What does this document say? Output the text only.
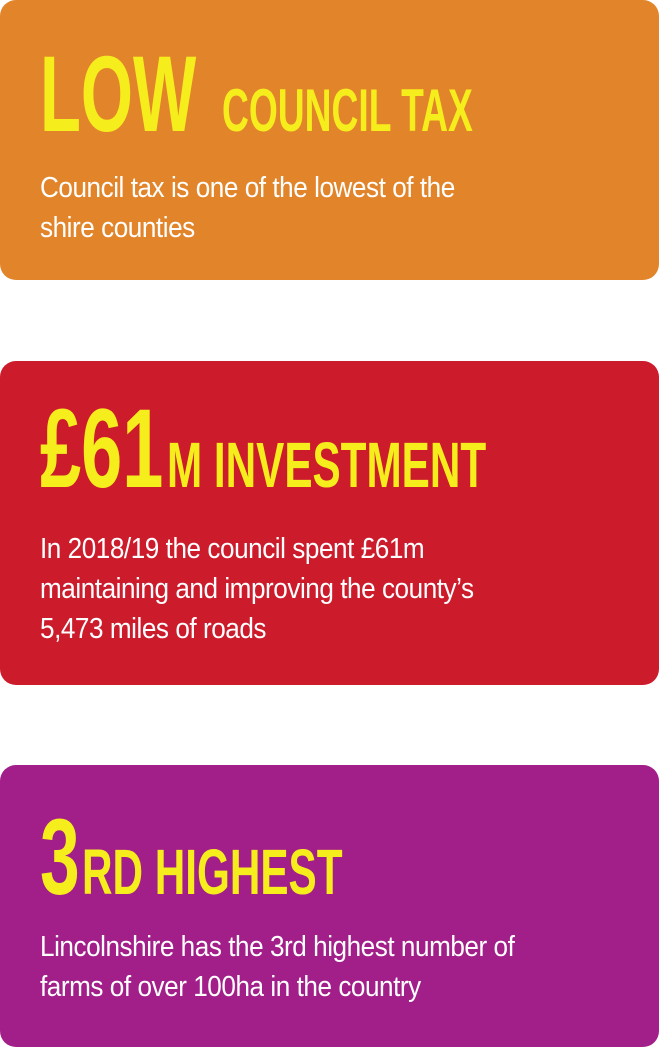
LOW COUNCIL TAX
Council tax is one of the lowest of the
shire counties
£61M INVESTMENT
In 2018/19 the council spent £61m
maintaining and improving the county’s
5,473 miles of roads
3RD HIGHEST
Lincolnshire has the 3rd highest number of
farms of over 100ha in the country
